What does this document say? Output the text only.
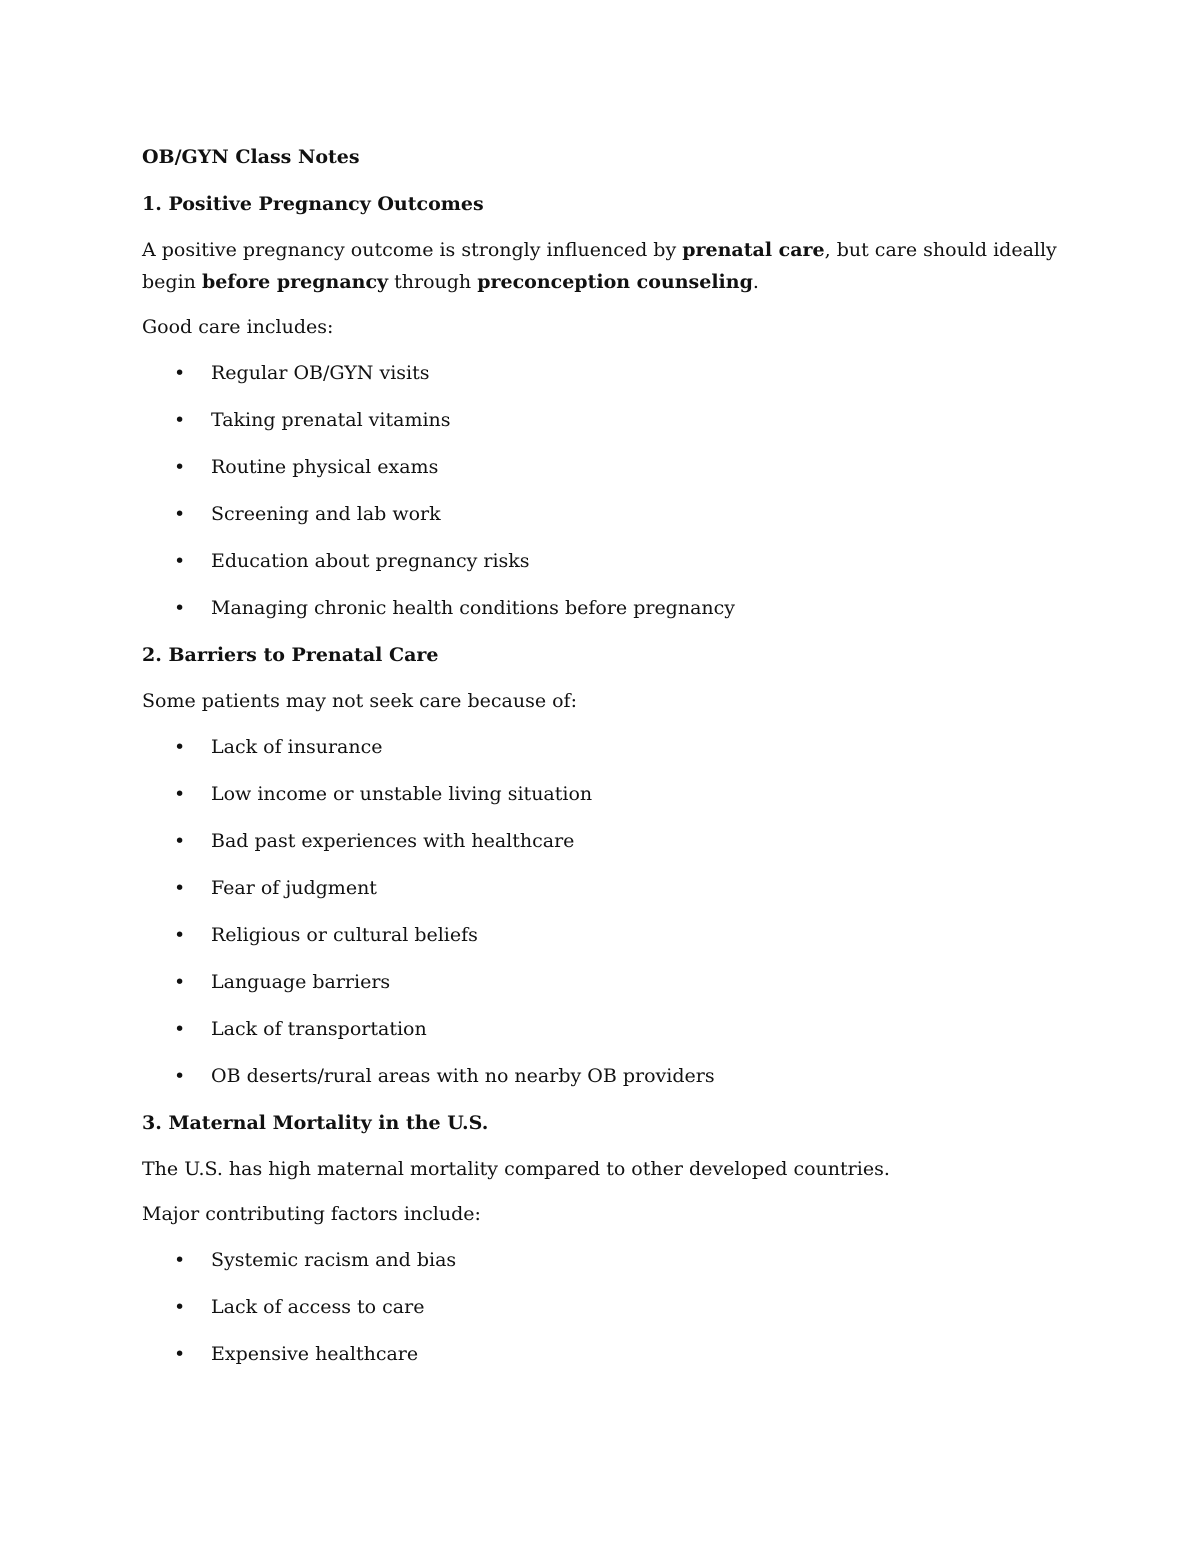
OB/GYN Class Notes
1. Positive Pregnancy Outcomes
A positive pregnancy outcome is strongly influenced by prenatal care, but care should ideally begin before pregnancy through preconception counseling.
Good care includes:
• Regular OB/GYN visits
• Taking prenatal vitamins
• Routine physical exams
• Screening and lab work
• Education about pregnancy risks
• Managing chronic health conditions before pregnancy
2. Barriers to Prenatal Care
Some patients may not seek care because of:
• Lack of insurance
• Low income or unstable living situation
• Bad past experiences with healthcare
• Fear of judgment
• Religious or cultural beliefs
• Language barriers
• Lack of transportation
• OB deserts/rural areas with no nearby OB providers
3. Maternal Mortality in the U.S.
The U.S. has high maternal mortality compared to other developed countries.
Major contributing factors include:
• Systemic racism and bias
• Lack of access to care
• Expensive healthcare
